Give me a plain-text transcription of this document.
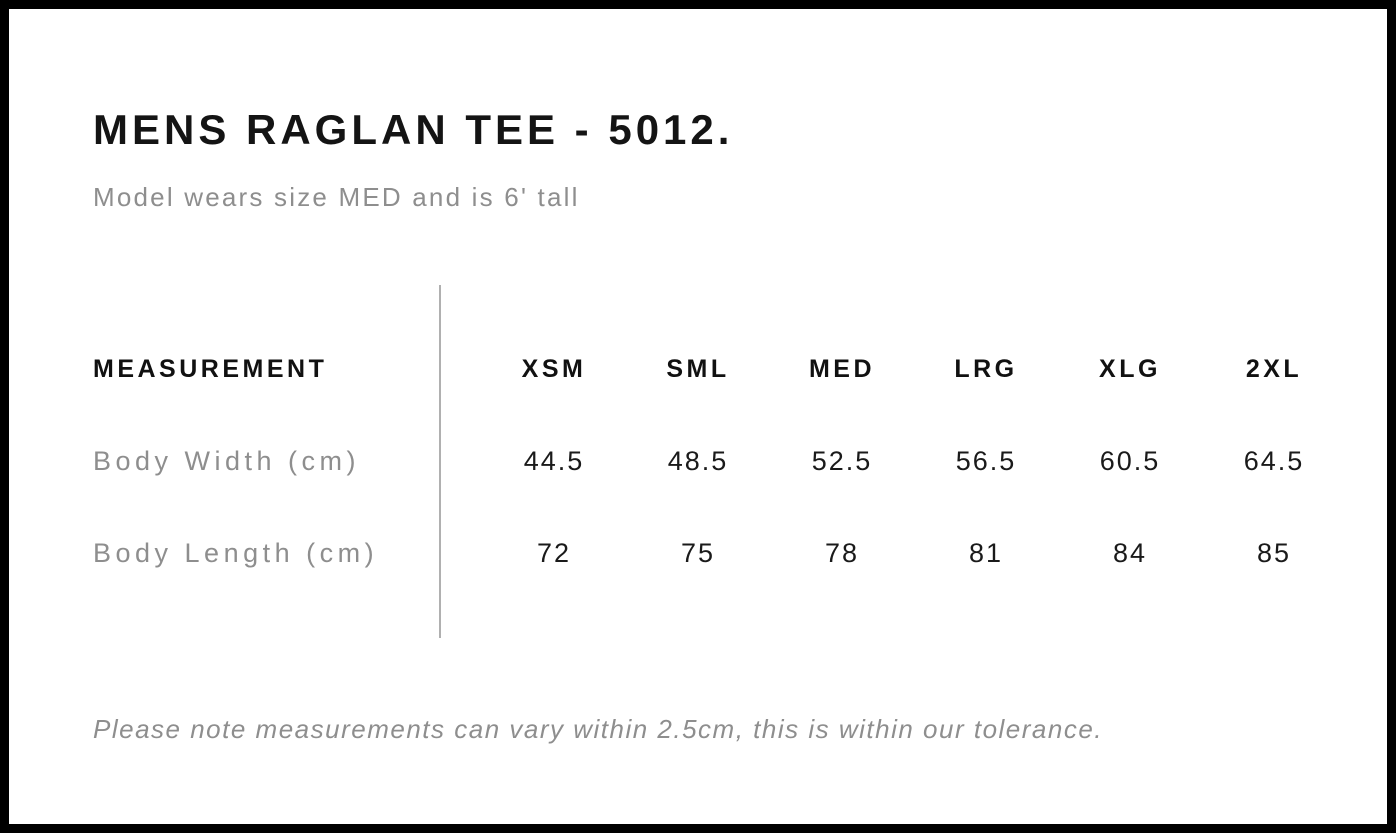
MENS RAGLAN TEE - 5012.

Model wears size MED and is 6' tall

MEASUREMENT	XSM	SML	MED	LRG	XLG	2XL
Body Width (cm)	44.5	48.5	52.5	56.5	60.5	64.5
Body Length (cm)	72	75	78	81	84	85

Please note measurements can vary within 2.5cm, this is within our tolerance.
